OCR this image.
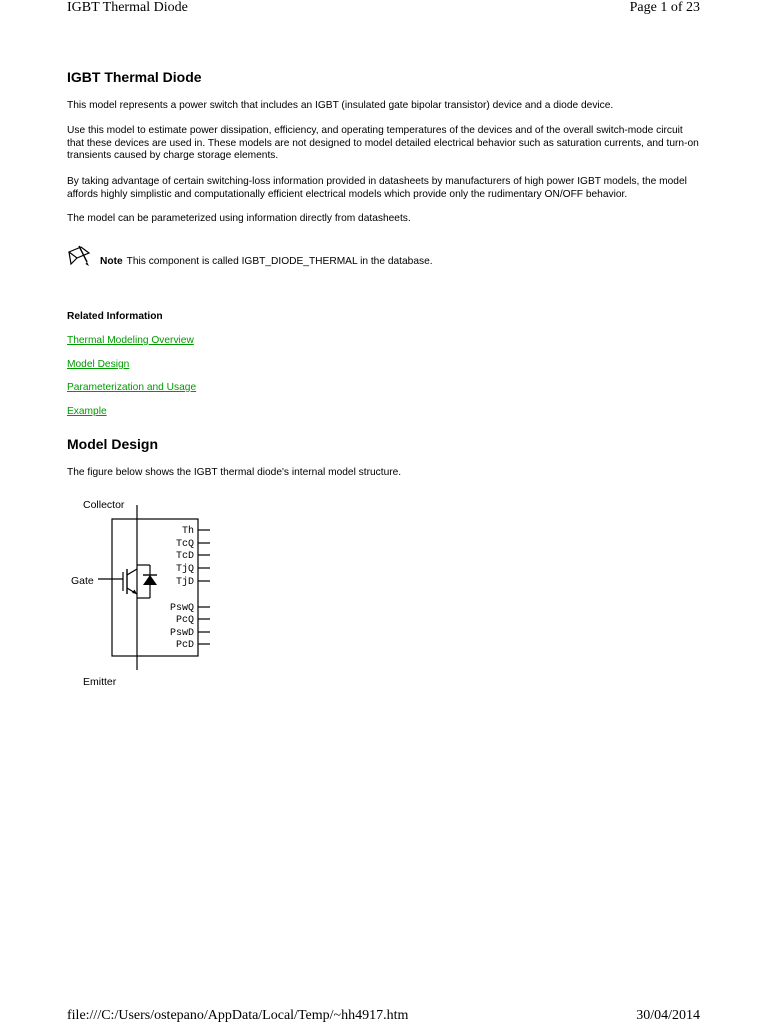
IGBT Thermal Diode	Page 1 of 23
IGBT Thermal Diode

This model represents a power switch that includes an IGBT (insulated gate bipolar transistor) device and a diode device.

Use this model to estimate power dissipation, efficiency, and operating temperatures of the devices and of the overall switch-mode circuit that these devices are used in. These models are not designed to model detailed electrical behavior such as saturation currents, and turn-on transients caused by charge storage elements.

By taking advantage of certain switching-loss information provided in datasheets by manufacturers of high power IGBT models, the model affords highly simplistic and computationally efficient electrical models which provide only the rudimentary ON/OFF behavior.

The model can be parameterized using information directly from datasheets.

Note This component is called IGBT_DIODE_THERMAL in the database.
Related Information
Thermal Modeling Overview
Model Design
Parameterization and Usage
Example
Model Design

The figure below shows the IGBT thermal diode's internal model structure.

Collector
Gate
Emitter
Th
TcQ
TcD
TjQ
TjD
PswQ
PcQ
PswD
PcD
file:///C:/Users/ostepano/AppData/Local/Temp/~hh4917.htm	30/04/2014
